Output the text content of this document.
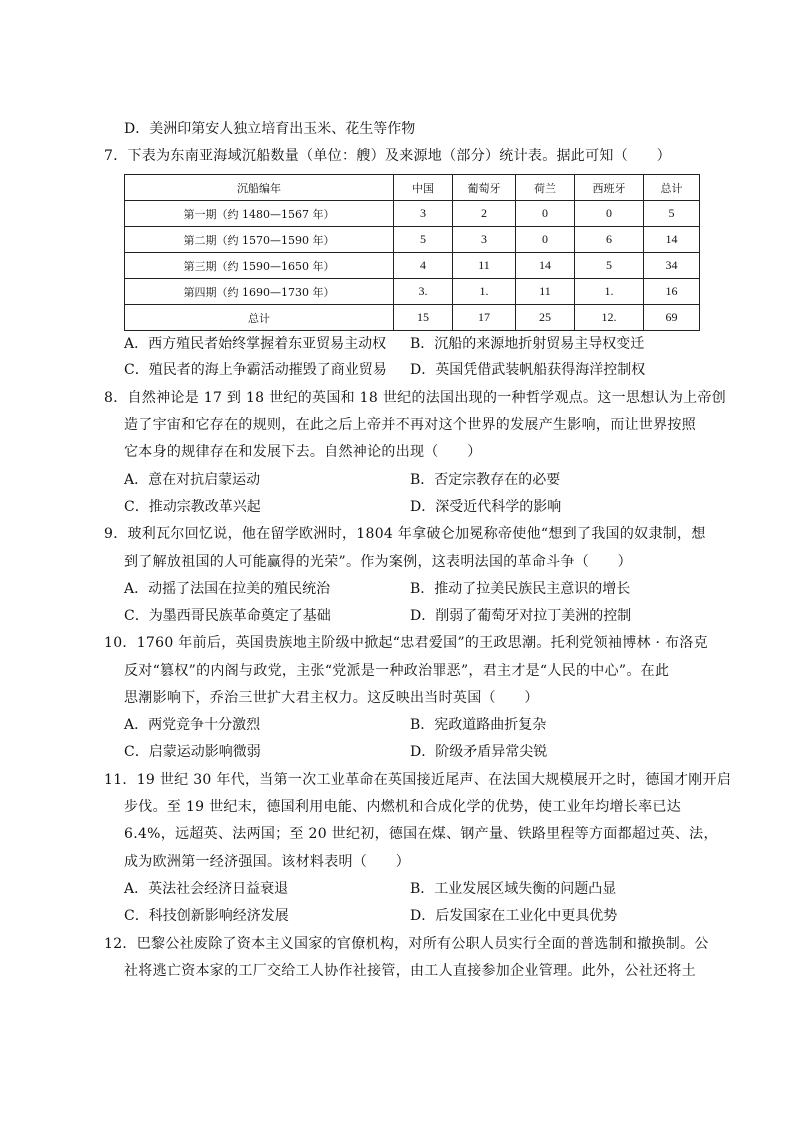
D．美洲印第安人独立培育出玉米、花生等作物
7．下表为东南亚海域沉船数量（单位：艘）及来源地（部分）统计表。据此可知（　　）
沉船编年	中国	葡萄牙	荷兰	西班牙	总计
第一期（约 1480—1567 年）	3	2	0	0	5
第二期（约 1570—1590 年）	5	3	0	6	14
第三期（约 1590—1650 年）	4	11	14	5	34
第四期（约 1690—1730 年）	3.	1.	11	1.	16
总计	15	17	25	12.	69
A．西方殖民者始终掌握着东亚贸易主动权 B．沉船的来源地折射贸易主导权变迁
C．殖民者的海上争霸活动摧毁了商业贸易 D．英国凭借武装帆船获得海洋控制权
8．自然神论是 17 到 18 世纪的英国和 18 世纪的法国出现的一种哲学观点。这一思想认为上帝创
造了宇宙和它存在的规则，在此之后上帝并不再对这个世界的发展产生影响，而让世界按照
它本身的规律存在和发展下去。自然神论的出现（　　）
A．意在对抗启蒙运动	B．否定宗教存在的必要
C．推动宗教改革兴起	D．深受近代科学的影响
9．玻利瓦尔回忆说，他在留学欧洲时，1804 年拿破仑加冕称帝使他“想到了我国的奴隶制，想
到了解放祖国的人可能赢得的光荣”。作为案例，这表明法国的革命斗争（　　）
A．动摇了法国在拉美的殖民统治	B．推动了拉美民族民主意识的增长
C．为墨西哥民族革命奠定了基础	D．削弱了葡萄牙对拉丁美洲的控制
10．1760 年前后，英国贵族地主阶级中掀起“忠君爱国”的王政思潮。托利党领袖博林 · 布洛克
反对“篡权”的内阁与政党，主张“党派是一种政治罪恶”，君主才是“人民的中心”。在此
思潮影响下，乔治三世扩大君主权力。这反映出当时英国（　　）
A．两党竞争十分激烈	B．宪政道路曲折复杂
C．启蒙运动影响微弱	D．阶级矛盾异常尖锐
11．19 世纪 30 年代，当第一次工业革命在英国接近尾声、在法国大规模展开之时，德国才刚开启
步伐。至 19 世纪末，德国利用电能、内燃机和合成化学的优势，使工业年均增长率已达
6.4%，远超英、法两国；至 20 世纪初，德国在煤、钢产量、铁路里程等方面都超过英、法，
成为欧洲第一经济强国。该材料表明（　　）
A．英法社会经济日益衰退	B．工业发展区域失衡的问题凸显
C．科技创新影响经济发展	D．后发国家在工业化中更具优势
12．巴黎公社废除了资本主义国家的官僚机构，对所有公职人员实行全面的普选制和撤换制。公
社将逃亡资本家的工厂交给工人协作社接管，由工人直接参加企业管理。此外，公社还将土
